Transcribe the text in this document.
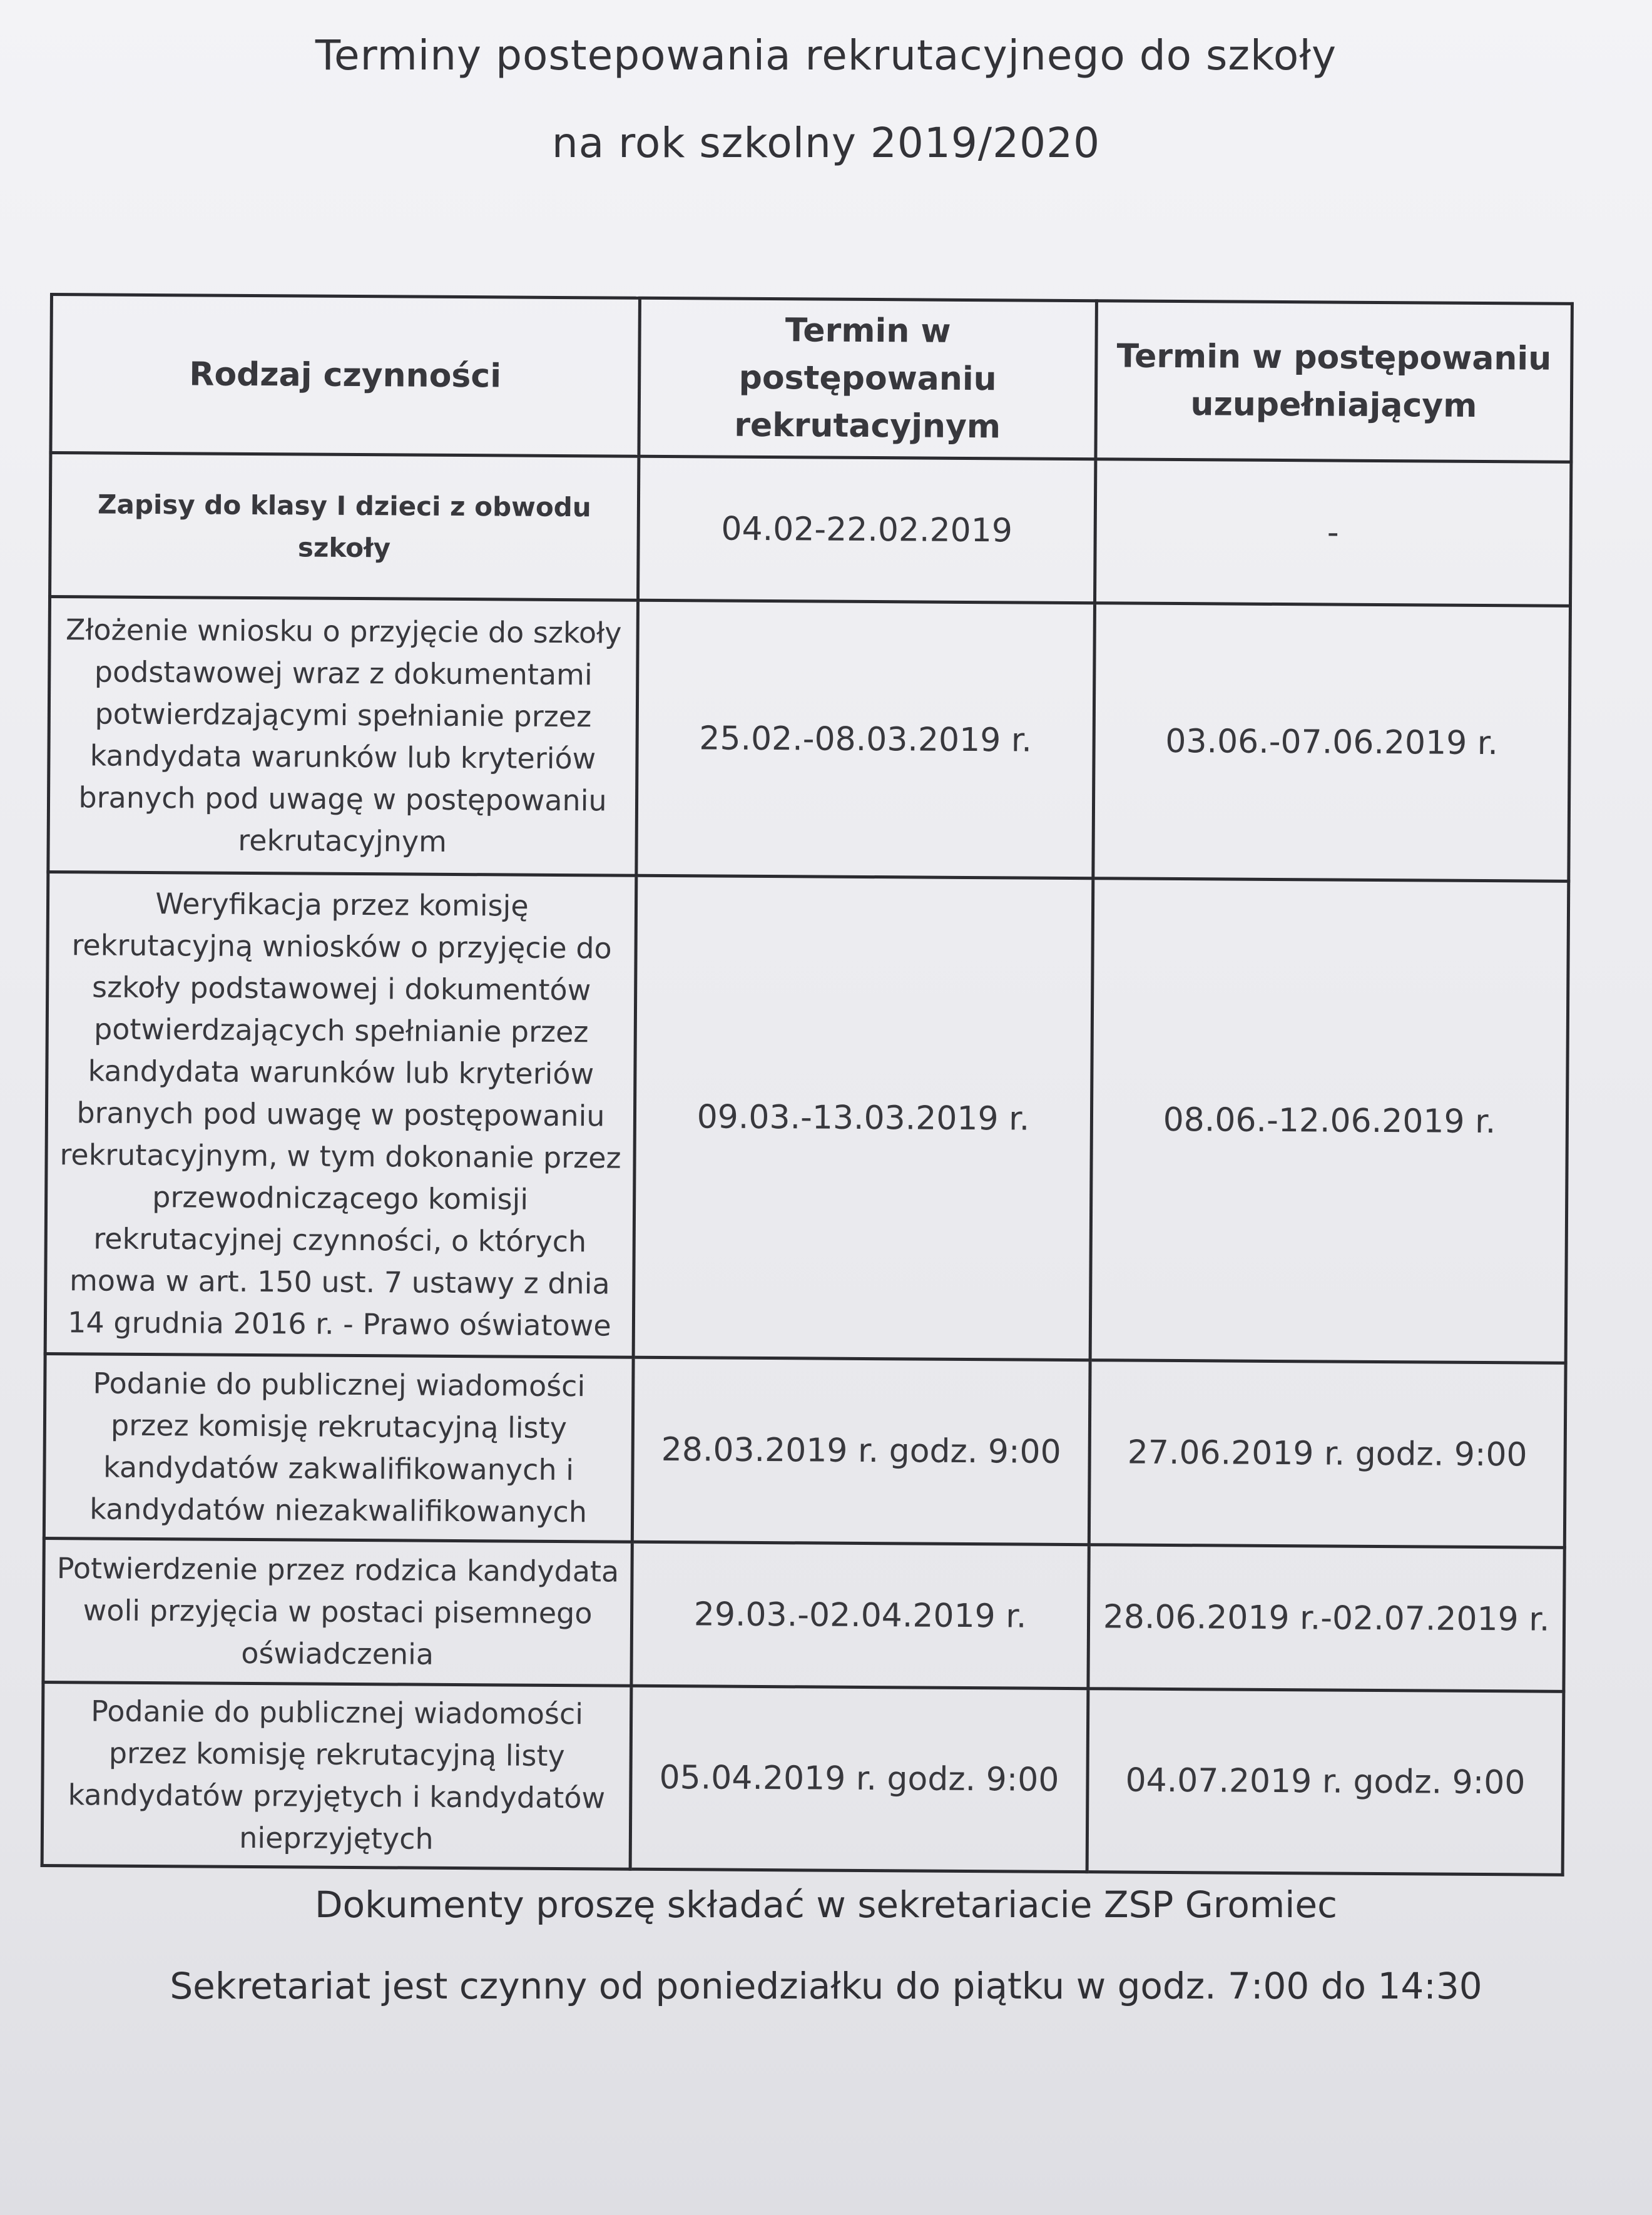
Terminy postepowania rekrutacyjnego do szkoły
na rok szkolny 2019/2020
Rodzaj czynności	Termin w postępowaniu rekrutacyjnym	Termin w postępowaniu uzupełniającym
Zapisy do klasy I dzieci z obwodu szkoły	04.02-22.02.2019	-
Złożenie wniosku o przyjęcie do szkoły podstawowej wraz z dokumentami potwierdzającymi spełnianie przez kandydata warunków lub kryteriów branych pod uwagę w postępowaniu rekrutacyjnym	25.02.-08.03.2019 r.	03.06.-07.06.2019 r.
Weryfikacja przez komisję rekrutacyjną wniosków o przyjęcie do szkoły podstawowej i dokumentów potwierdzających spełnianie przez kandydata warunków lub kryteriów branych pod uwagę w postępowaniu rekrutacyjnym, w tym dokonanie przez przewodniczącego komisji rekrutacyjnej czynności, o których mowa w art. 150 ust. 7 ustawy z dnia 14 grudnia 2016 r. - Prawo oświatowe	09.03.-13.03.2019 r.	08.06.-12.06.2019 r.
Podanie do publicznej wiadomości przez komisję rekrutacyjną listy kandydatów zakwalifikowanych i kandydatów niezakwalifikowanych	28.03.2019 r. godz. 9:00	27.06.2019 r. godz. 9:00
Potwierdzenie przez rodzica kandydata woli przyjęcia w postaci pisemnego oświadczenia	29.03.-02.04.2019 r.	28.06.2019 r.-02.07.2019 r.
Podanie do publicznej wiadomości przez komisję rekrutacyjną listy kandydatów przyjętych i kandydatów nieprzyjętych	05.04.2019 r. godz. 9:00	04.07.2019 r. godz. 9:00
Dokumenty proszę składać w sekretariacie ZSP Gromiec
Sekretariat jest czynny od poniedziałku do piątku w godz. 7:00 do 14:30
